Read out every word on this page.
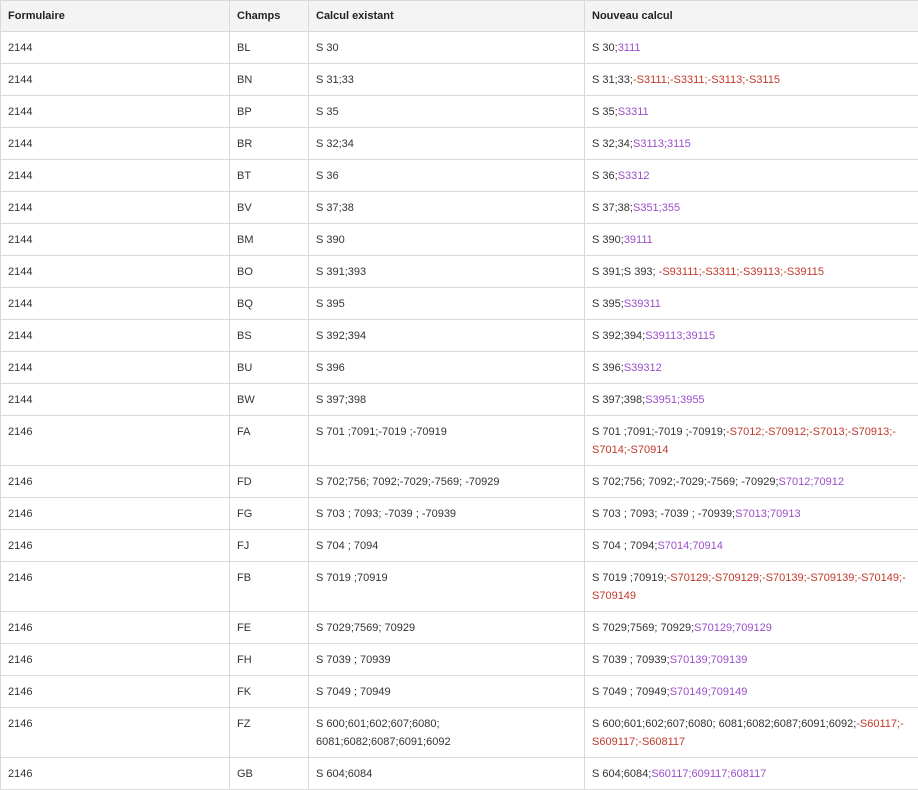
Formulaire	Champs	Calcul existant	Nouveau calcul
2144	BL	S 30	S 30;3111
2144	BN	S 31;33	S 31;33;-S3111;-S3311;-S3113;-S3115
2144	BP	S 35	S 35;S3311
2144	BR	S 32;34	S 32;34;S3113;3115
2144	BT	S 36	S 36;S3312
2144	BV	S 37;38	S 37;38;S351;355
2144	BM	S 390	S 390;39111
2144	BO	S 391;393	S 391;S 393; -S93111;-S3311;-S39113;-S39115
2144	BQ	S 395	S 395;S39311
2144	BS	S 392;394	S 392;394;S39113;39115
2144	BU	S 396	S 396;S39312
2144	BW	S 397;398	S 397;398;S3951;3955
2146	FA	S 701 ;7091;-7019 ;-70919	S 701 ;7091;-7019 ;-70919;-S7012;-S70912;-S7013;-S70913;-S7014;-S70914
2146	FD	S 702;756; 7092;-7029;-7569; -70929	S 702;756; 7092;-7029;-7569; -70929;S7012;70912
2146	FG	S 703 ; 7093; -7039 ; -70939	S 703 ; 7093; -7039 ; -70939;S7013;70913
2146	FJ	S 704 ; 7094	S 704 ; 7094;S7014;70914
2146	FB	S 7019 ;70919	S 7019 ;70919;-S70129;-S709129;-S70139;-S709139;-S70149;-S709149
2146	FE	S 7029;7569; 70929	S 7029;7569; 70929;S70129;709129
2146	FH	S 7039 ; 70939	S 7039 ; 70939;S70139;709139
2146	FK	S 7049 ; 70949	S 7049 ; 70949;S70149;709149
2146	FZ	S 600;601;602;607;6080; 6081;6082;6087;6091;6092	S 600;601;602;607;6080; 6081;6082;6087;6091;6092;-S60117;-S609117;-S608117
2146	GB	S 604;6084	S 604;6084;S60117;609117;608117
